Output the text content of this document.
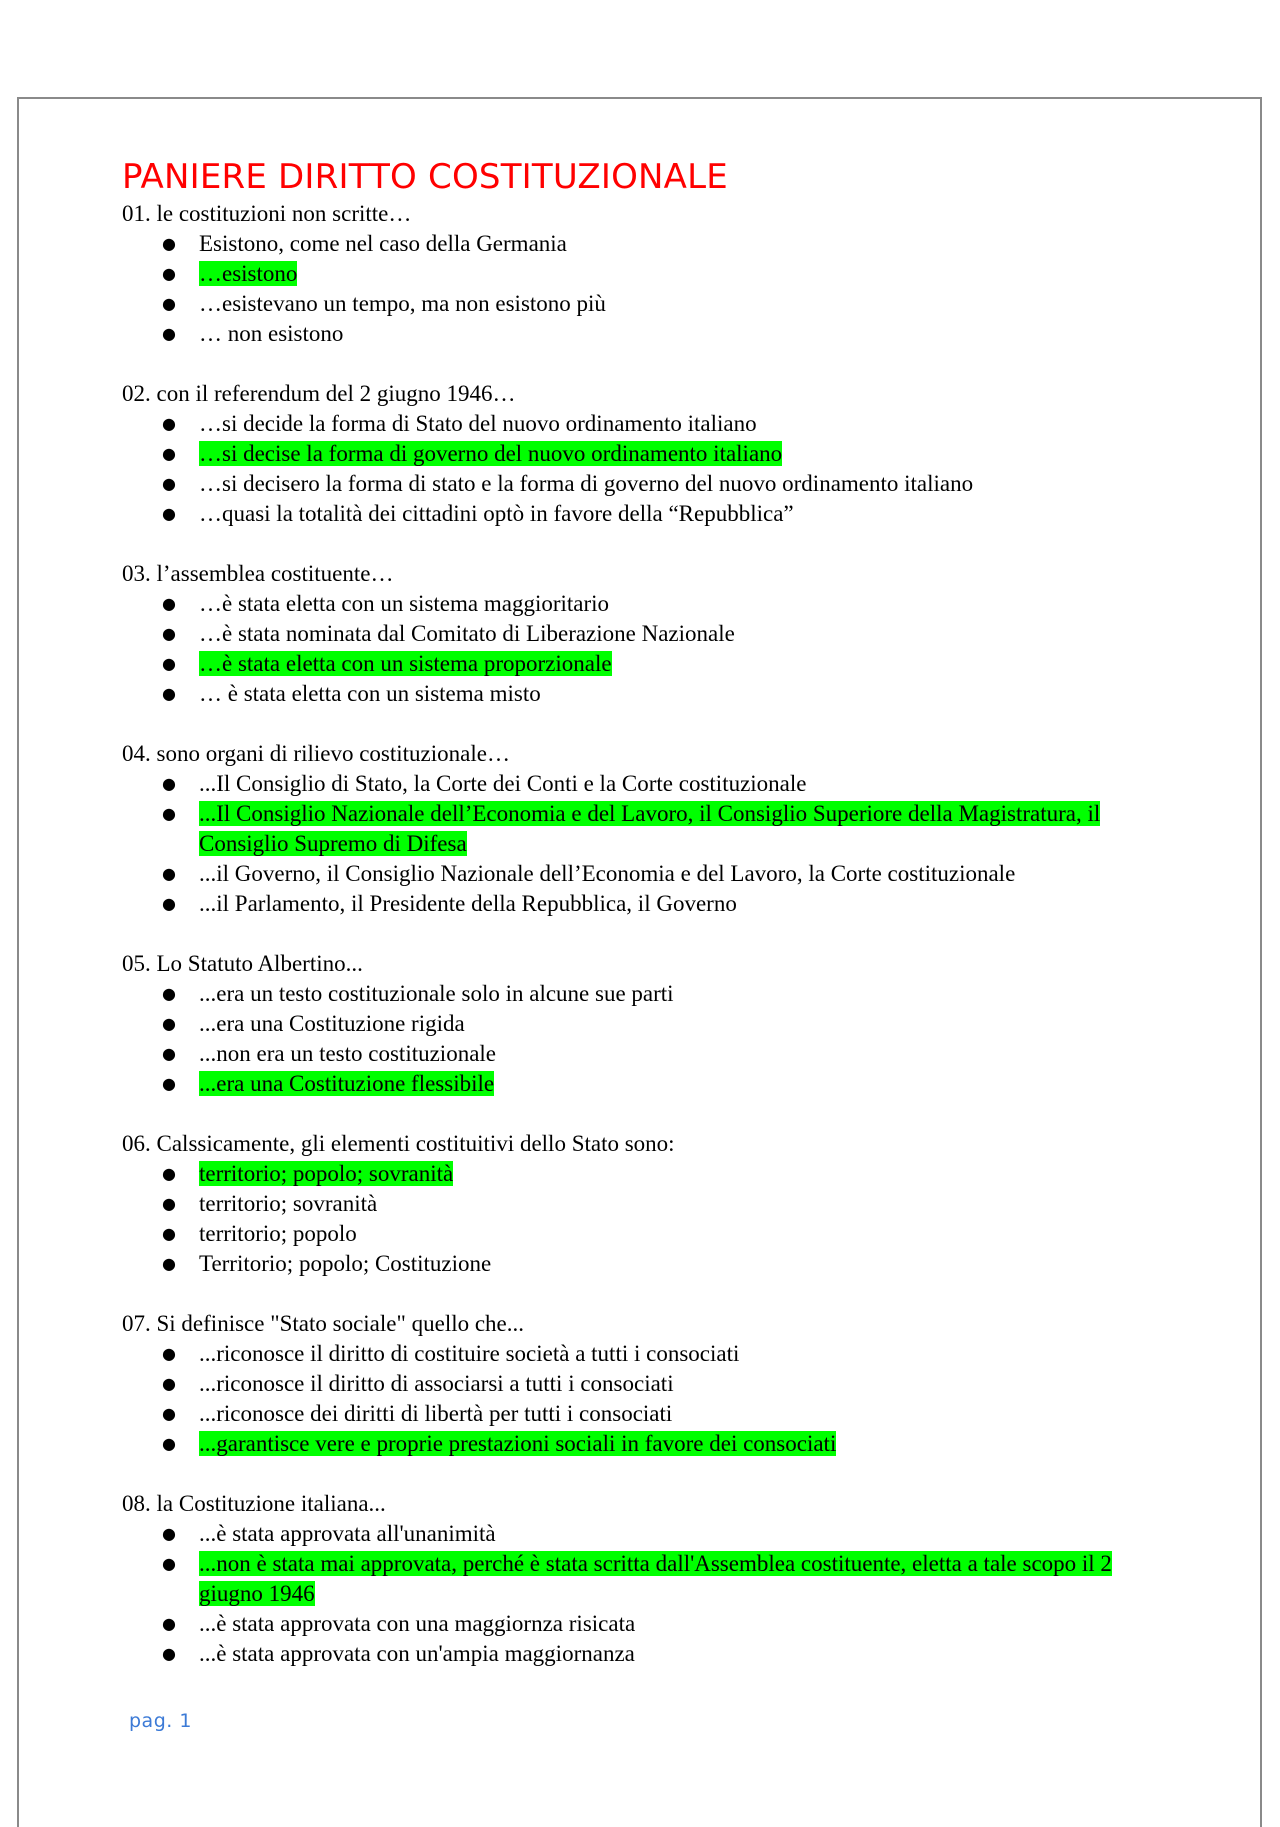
PANIERE DIRITTO COSTITUZIONALE

01. le costituzioni non scritte…

● Esistono, come nel caso della Germania
● …esistono
● …esistevano un tempo, ma non esistono più
● … non esistono

02. con il referendum del 2 giugno 1946…

● …si decide la forma di Stato del nuovo ordinamento italiano
● …si decise la forma di governo del nuovo ordinamento italiano
● …si decisero la forma di stato e la forma di governo del nuovo ordinamento italiano
● …quasi la totalità dei cittadini optò in favore della “Repubblica”

03. l’assemblea costituente…

● …è stata eletta con un sistema maggioritario
● …è stata nominata dal Comitato di Liberazione Nazionale
● …è stata eletta con un sistema proporzionale
● … è stata eletta con un sistema misto

04. sono organi di rilievo costituzionale…

● ...Il Consiglio di Stato, la Corte dei Conti e la Corte costituzionale
● ...Il Consiglio Nazionale dell’Economia e del Lavoro, il Consiglio Superiore della Magistratura, il Consiglio Supremo di Difesa
● ...il Governo, il Consiglio Nazionale dell’Economia e del Lavoro, la Corte costituzionale
● ...il Parlamento, il Presidente della Repubblica, il Governo

05. Lo Statuto Albertino...

● ...era un testo costituzionale solo in alcune sue parti
● ...era una Costituzione rigida
● ...non era un testo costituzionale
● ...era una Costituzione flessibile

06. Calssicamente, gli elementi costituitivi dello Stato sono:

● territorio; popolo; sovranità
● territorio; sovranità
● territorio; popolo
● Territorio; popolo; Costituzione

07. Si definisce "Stato sociale" quello che...

● ...riconosce il diritto di costituire società a tutti i consociati
● ...riconosce il diritto di associarsi a tutti i consociati
● ...riconosce dei diritti di libertà per tutti i consociati
● ...garantisce vere e proprie prestazioni sociali in favore dei consociati

08. la Costituzione italiana...

● ...è stata approvata all'unanimità
● ...non è stata mai approvata, perché è stata scritta dall'Assemblea costituente, eletta a tale scopo il 2 giugno 1946
● ...è stata approvata con una maggiornza risicata
● ...è stata approvata con un'ampia maggiornanza
pag. 1
